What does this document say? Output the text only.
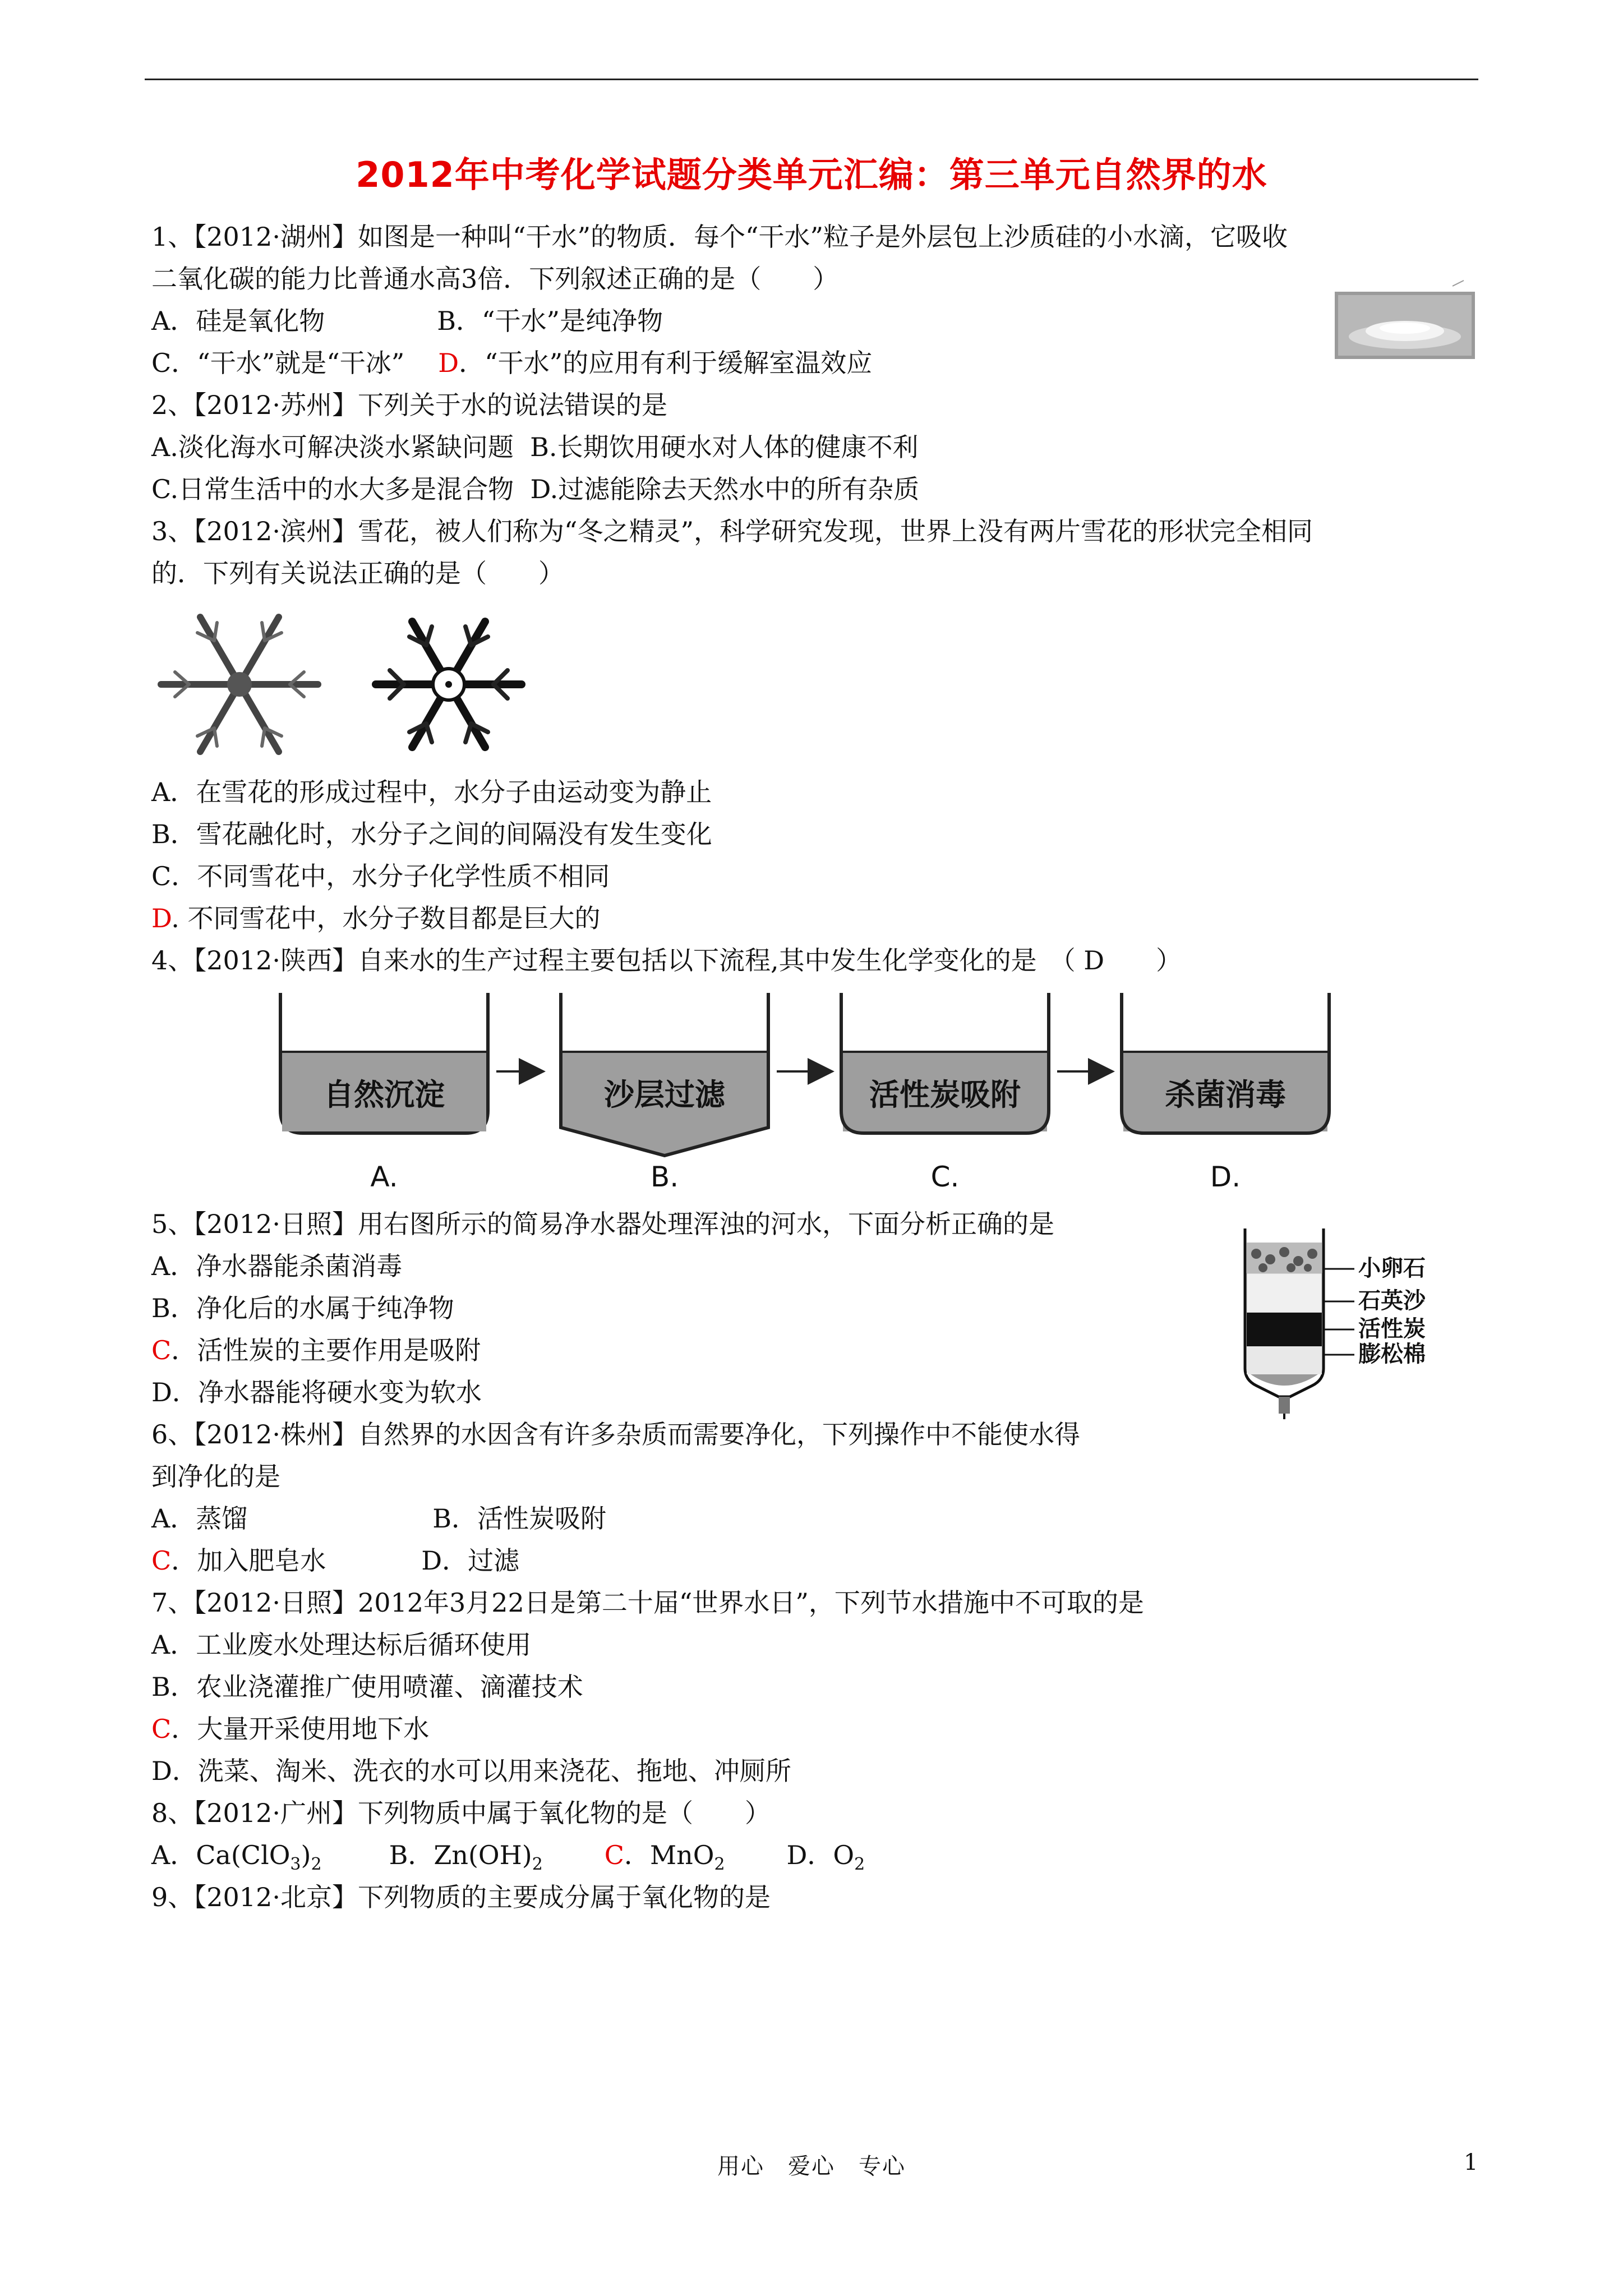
2012年中考化学试题分类单元汇编：第三单元自然界的水
1、【2012·湖州】如图是一种叫“干水”的物质．每个“干水”粒子是外层包上沙质硅的小水滴，它吸收
二氧化碳的能力比普通水高3倍．下列叙述正确的是（　　）
A．硅是氧化物	B．“干水”是纯净物
C．“干水”就是“干冰” D．“干水”的应用有利于缓解室温效应
2、【2012·苏州】下列关于水的说法错误的是
A.淡化海水可解决淡水紧缺问题 B.长期饮用硬水对人体的健康不利
C.日常生活中的水大多是混合物 D.过滤能除去天然水中的所有杂质
3、【2012·滨州】雪花，被人们称为“冬之精灵”，科学研究发现，世界上没有两片雪花的形状完全相同
的．下列有关说法正确的是（　　）
A．在雪花的形成过程中，水分子由运动变为静止
B．雪花融化时，水分子之间的间隔没有发生变化
C．不同雪花中，水分子化学性质不相同
D. 不同雪花中，水分子数目都是巨大的
4、【2012·陕西】自来水的生产过程主要包括以下流程,其中发生化学变化的是　（ D　　）
自然沉淀	沙层过滤	活性炭吸附	杀菌消毒
A.	B.	C.	D.
5、【2012·日照】用右图所示的简易净水器处理浑浊的河水，下面分析正确的是
A．净水器能杀菌消毒
B．净化后的水属于纯净物
C．活性炭的主要作用是吸附
D．净水器能将硬水变为软水
小卵石
石英沙
活性炭
膨松棉
6、【2012·株州】自然界的水因含有许多杂质而需要净化，下列操作中不能使水得
到净化的是
A．蒸馏	B．活性炭吸附
C．加入肥皂水	D．过滤
7、【2012·日照】2012年3月22日是第二十届“世界水日”，下列节水措施中不可取的是
A．工业废水处理达标后循环使用
B．农业浇灌推广使用喷灌、滴灌技术
C．大量开采使用地下水
D．洗菜、淘米、洗衣的水可以用来浇花、拖地、冲厕所
8、【2012·广州】下列物质中属于氧化物的是（　　）
A．$Ca(ClO_3)_2$	B．$Zn(OH)_2$ C．MnO$_2$ D．$O_2$
9、【2012·北京】下列物质的主要成分属于氧化物的是
用心　爱心　专心	1
